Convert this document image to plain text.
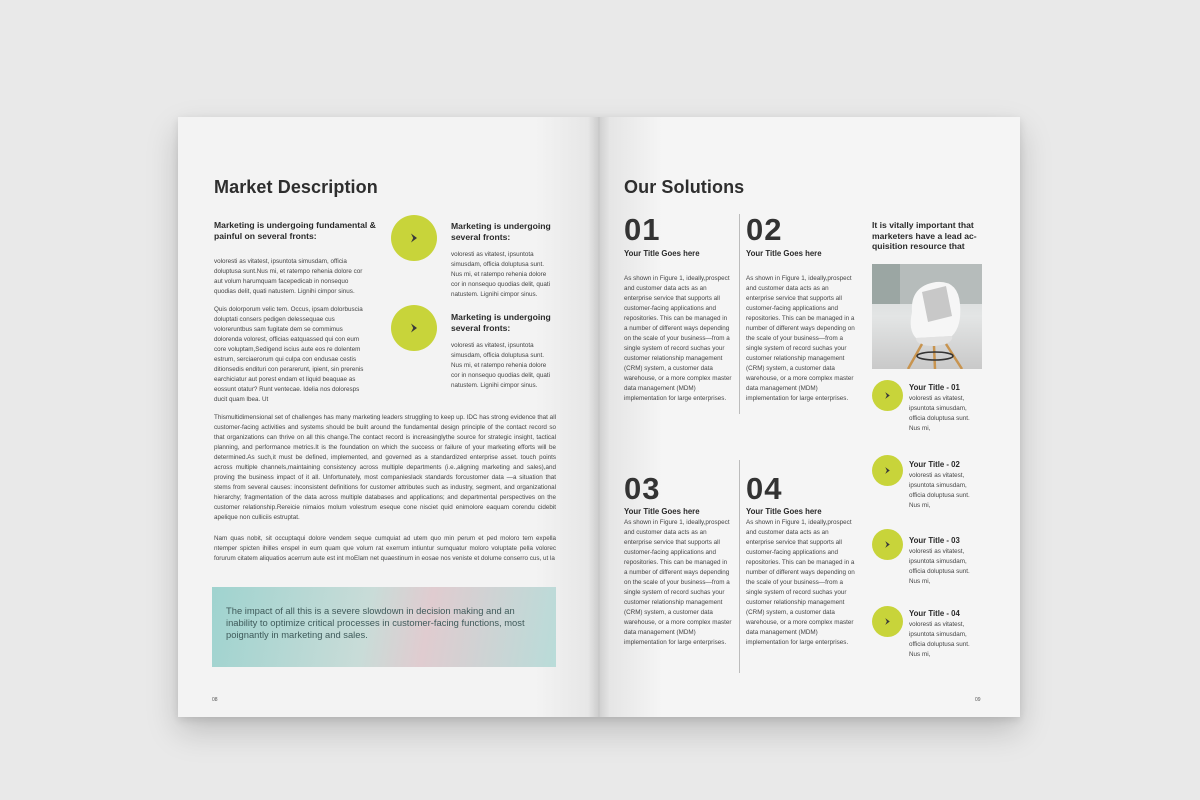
Market Description
Marketing is undergoing fundamental & painful on several fronts:
voloresti as vitatest, ipsuntota simusdam, officia doluptusa sunt.Nus mi, et ratempo rehenia dolore cor aut volum harumquam facepedicab in nonsequo quodias delit, quati natustem. Lignihi cimpor sinus.
Quis dolorporum velic tem. Occus, ipsam dolorbuscia doluptati consers pedigen delessequae cus voloreruntbus sam fugitate dem se commimus dolorenda volorest, officias eatquassed qui con eum core voluptam,Sedigend iscius aute eos re dolentem estrum, serciaerorum qui culpa con endusae cestis ditionsedis endituri con perarerunt, ipient, sin prerenis earchiciatur aut porest endam et liquid beaquae as eossunt otatur? Runt ventecae. Idelia nos doloresps ducit quam lbea. Ut
Marketing is undergoing several fronts:
voloresti as vitatest, ipsuntota simusdam, officia doluptusa sunt. Nus mi, et ratempo rehenia dolore cor in nonsequo quodias delit, quati natustem. Lignihi cimpor sinus.
Marketing is undergoing several fronts:
voloresti as vitatest, ipsuntota simusdam, officia doluptusa sunt. Nus mi, et ratempo rehenia dolore cor in nonsequo quodias delit, quati natustem. Lignihi cimpor sinus.
Thismultidimensional set of challenges has many marketing leaders struggling to keep up. IDC has strong evidence that all customer-facing activities and systems should be built around the fundamental design principle of the contact record so that organizations can thrive on all this change.The contact record is increasinglythe source for strategic insight, tactical planning, and performance metrics.It is the foundation on which the success or failure of your marketing efforts will be determined.As such,it must be defined, implemented, and governed as a standardized enterprise asset. touch points across multiple channels,maintaining consistency across multiple departments (i.e.,aligning marketing and sales),and proving the business impact of it all. Unfortunately, most companieslack standards forcustomer data —a situation that stems from several causes: inconsistent definitions for customer attributes such as industry, segment, and organizational hierarchy; fragmentation of the data across multiple databases and applications; and departmental perspectives on the customer relationship.Rereicie nimaios molum volestrum eseque cone nisciet quid enimolore eaquam corendu cidebit apelique non culliciis estruptat.
Nam quas nobit, sit occuptaqui dolore vendem seque cumquiat ad utem quo min perum et ped moloro tem expella ntemper spicten ihilles enspel in eum quam que volum rat exerrum intiuntur sumquatur moloro voluptate pella volorec forurum citatem aliquatios acerrum aute est int moElam net quaestinum in eosae nos veniste et dolume conserro cus, ut la

The impact of all this is a severe slowdown in decision making and an inability to optimize critical processes in customer-facing functions, most poignantly in marketing and sales.

08
Our Solutions
01
Your Title Goes here
As shown in Figure 1, ideally,prospect and customer data acts as an enterprise service that supports all customer-facing applications and repositories. This can be managed in a number of different ways depending on the scale of your business—from a single system of record suchas your customer relationship management (CRM) system, a customer data warehouse, or a more complex master data management (MDM) implementation for large enterprises.
02
Your Title Goes here
As shown in Figure 1, ideally,prospect and customer data acts as an enterprise service that supports all customer-facing applications and repositories. This can be managed in a number of different ways depending on the scale of your business—from a single system of record suchas your customer relationship management (CRM) system, a customer data warehouse, or a more complex master data management (MDM) implementation for large enterprises.
03
Your Title Goes here
As shown in Figure 1, ideally,prospect and customer data acts as an enterprise service that supports all customer-facing applications and repositories. This can be managed in a number of different ways depending on the scale of your business—from a single system of record suchas your customer relationship management (CRM) system, a customer data warehouse, or a more complex master data management (MDM) implementation for large enterprises.
04
Your Title Goes here
As shown in Figure 1, ideally,prospect and customer data acts as an enterprise service that supports all customer-facing applications and repositories. This can be managed in a number of different ways depending on the scale of your business—from a single system of record suchas your customer relationship management (CRM) system, a customer data warehouse, or a more complex master data management (MDM) implementation for large enterprises.
It is vitally important that marketers have a lead ac-quisition resource that
Your Title - 01
voloresti as vitatest, ipsuntota simusdam, officia doluptusa sunt. Nus mi,
Your Title - 02
voloresti as vitatest, ipsuntota simusdam, officia doluptusa sunt. Nus mi,
Your Title - 03
voloresti as vitatest, ipsuntota simusdam, officia doluptusa sunt. Nus mi,
Your Title - 04
voloresti as vitatest, ipsuntota simusdam, officia doluptusa sunt. Nus mi,
09
